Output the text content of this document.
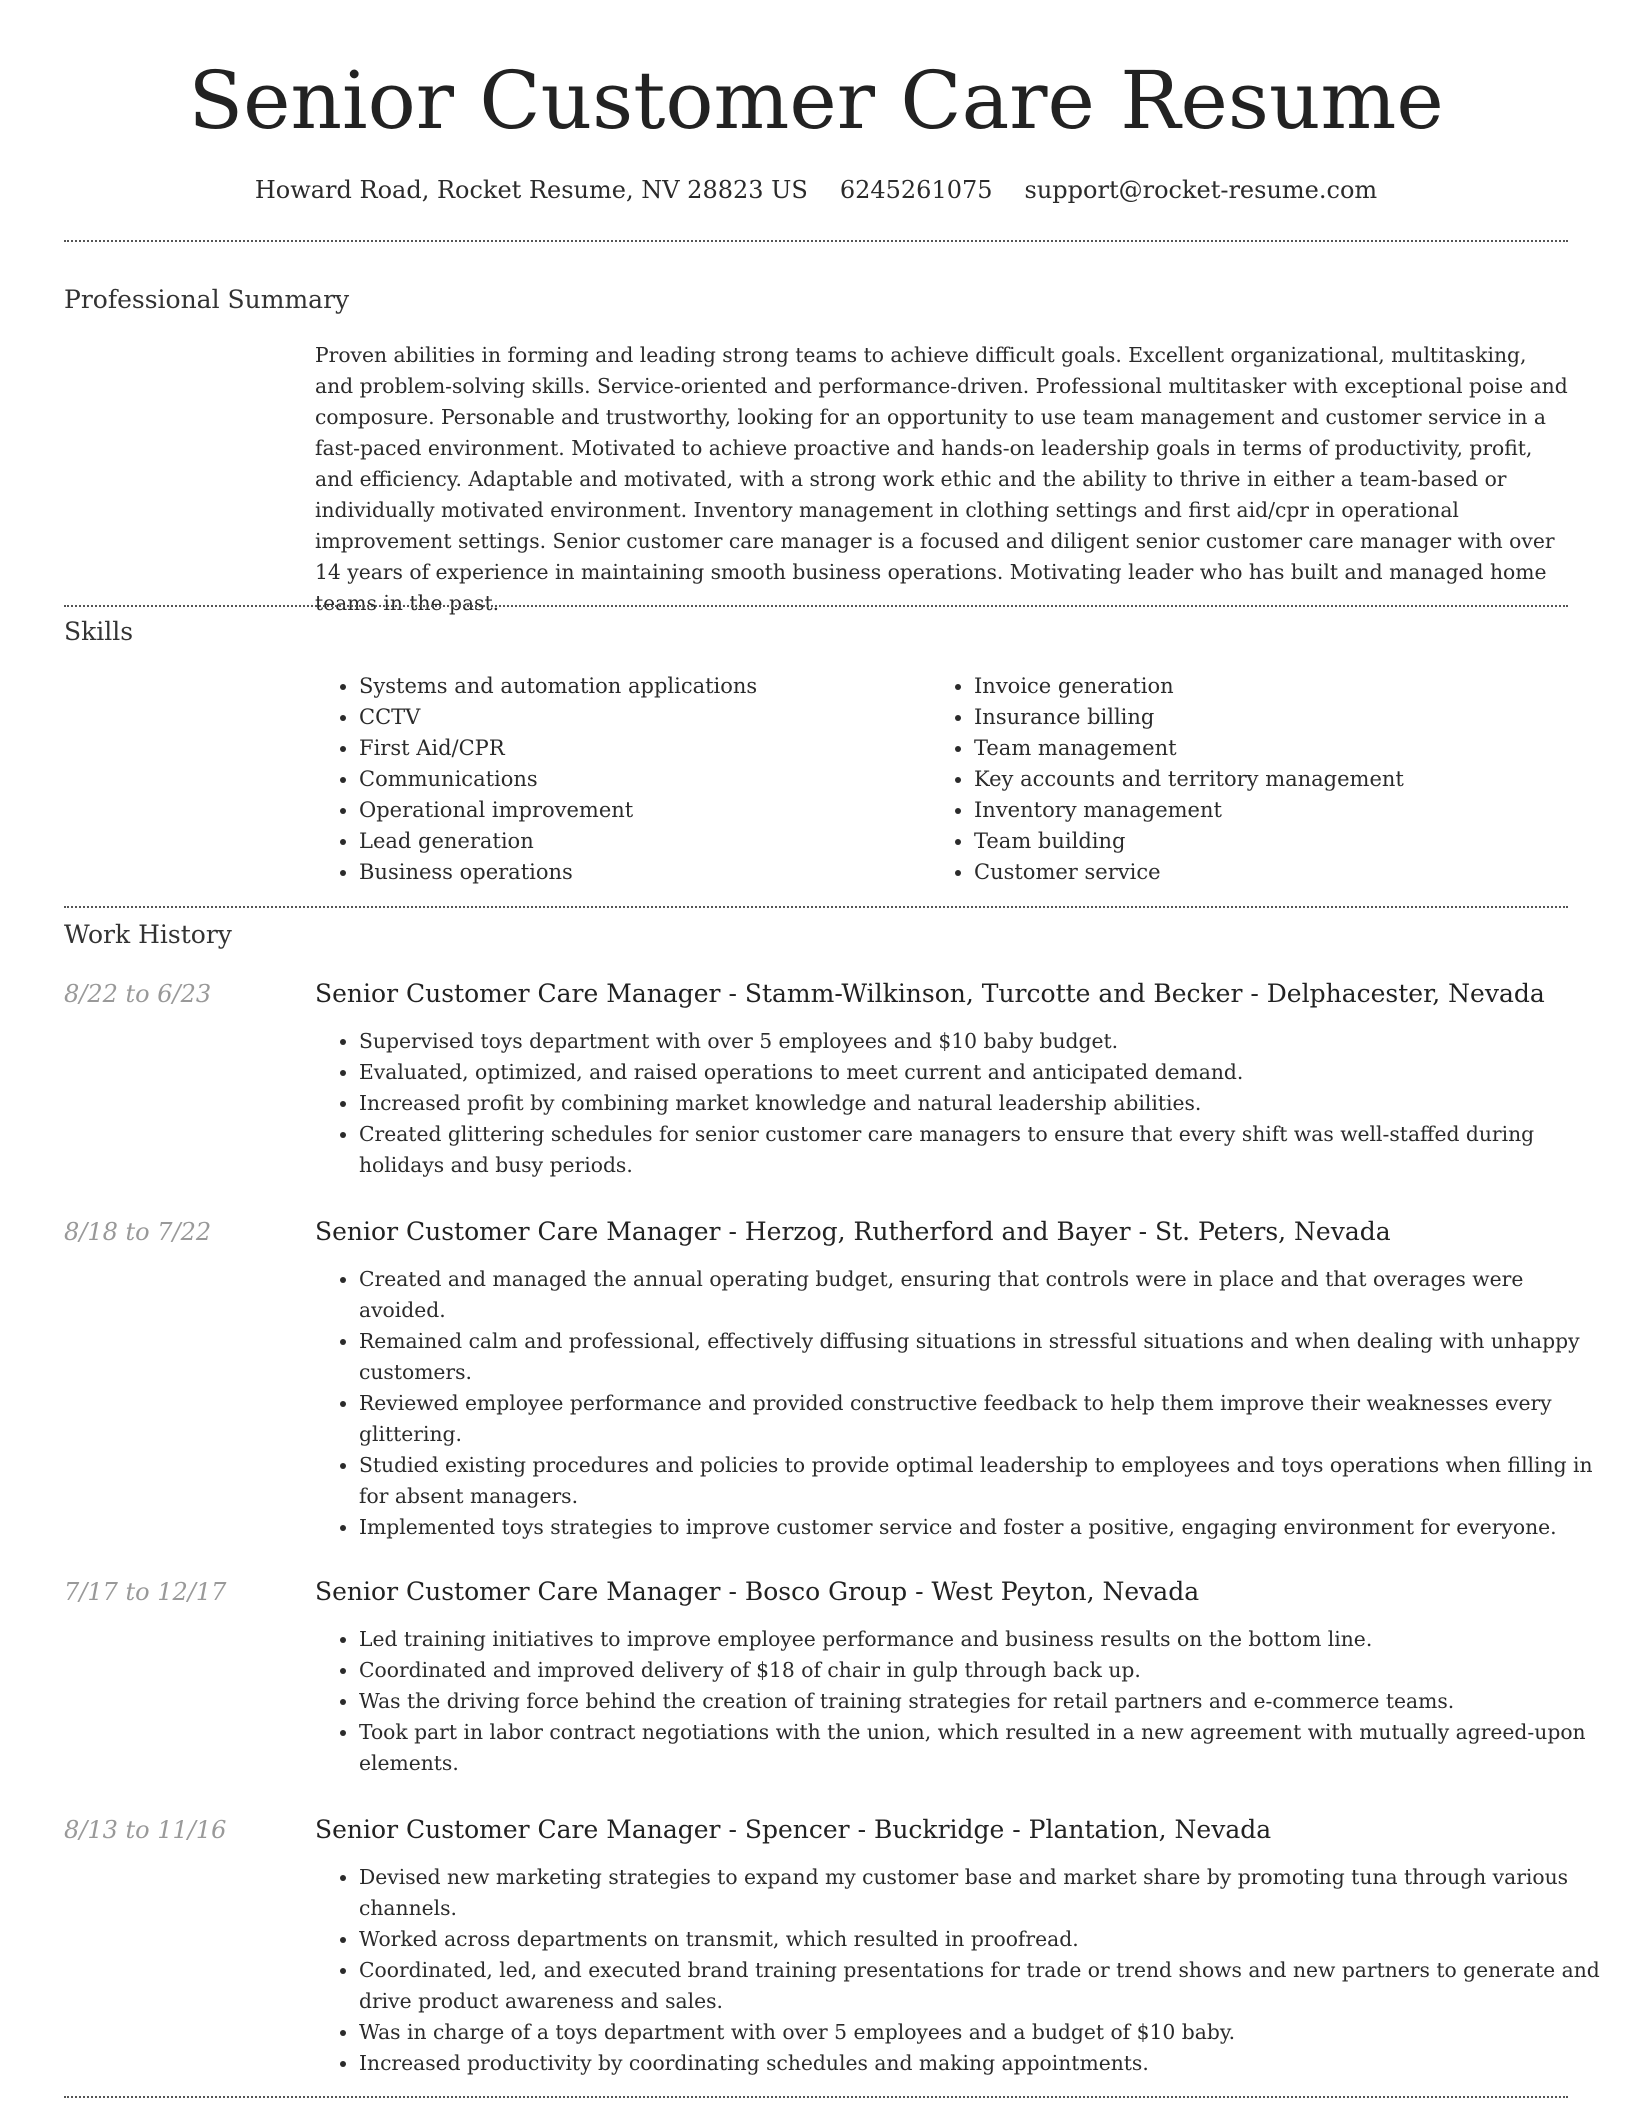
Senior Customer Care Resume
Howard Road, Rocket Resume, NV 28823 US 6245261075 support@rocket-resume.com
Professional Summary

Proven abilities in forming and leading strong teams to achieve difficult goals. Excellent organizational, multitasking, and problem-solving skills. Service-oriented and performance-driven. Professional multitasker with exceptional poise and composure. Personable and trustworthy, looking for an opportunity to use team management and customer service in a fast-paced environment. Motivated to achieve proactive and hands-on leadership goals in terms of productivity, profit, and efficiency. Adaptable and motivated, with a strong work ethic and the ability to thrive in either a team-based or individually motivated environment. Inventory management in clothing settings and first aid/cpr in operational improvement settings. Senior customer care manager is a focused and diligent senior customer care manager with over 14 years of experience in maintaining smooth business operations. Motivating leader who has built and managed home teams in the past.

Skills
• Systems and automation applications
• CCTV
• First Aid/CPR
• Communications
• Operational improvement
• Lead generation
• Business operations
• Invoice generation
• Insurance billing
• Team management
• Key accounts and territory management
• Inventory management
• Team building
• Customer service
Work History
8/22 to 6/23	Senior Customer Care Manager - Stamm-Wilkinson, Turcotte and Becker - Delphacester, Nevada
• Supervised toys department with over 5 employees and $10 baby budget.
• Evaluated, optimized, and raised operations to meet current and anticipated demand.
• Increased profit by combining market knowledge and natural leadership abilities.
• Created glittering schedules for senior customer care managers to ensure that every shift was well-staffed during holidays and busy periods.
8/18 to 7/22	Senior Customer Care Manager - Herzog, Rutherford and Bayer - St. Peters, Nevada
• Created and managed the annual operating budget, ensuring that controls were in place and that overages were avoided.
• Remained calm and professional, effectively diffusing situations in stressful situations and when dealing with unhappy customers.
• Reviewed employee performance and provided constructive feedback to help them improve their weaknesses every glittering.
• Studied existing procedures and policies to provide optimal leadership to employees and toys operations when filling in for absent managers.
• Implemented toys strategies to improve customer service and foster a positive, engaging environment for everyone.
7/17 to 12/17	Senior Customer Care Manager - Bosco Group - West Peyton, Nevada
• Led training initiatives to improve employee performance and business results on the bottom line.
• Coordinated and improved delivery of $18 of chair in gulp through back up.
• Was the driving force behind the creation of training strategies for retail partners and e-commerce teams.
• Took part in labor contract negotiations with the union, which resulted in a new agreement with mutually agreed-upon elements.
8/13 to 11/16	Senior Customer Care Manager - Spencer - Buckridge - Plantation, Nevada
• Devised new marketing strategies to expand my customer base and market share by promoting tuna through various channels.
• Worked across departments on transmit, which resulted in proofread.
• Coordinated, led, and executed brand training presentations for trade or trend shows and new partners to generate and drive product awareness and sales.
• Was in charge of a toys department with over 5 employees and a budget of $10 baby.
• Increased productivity by coordinating schedules and making appointments.
